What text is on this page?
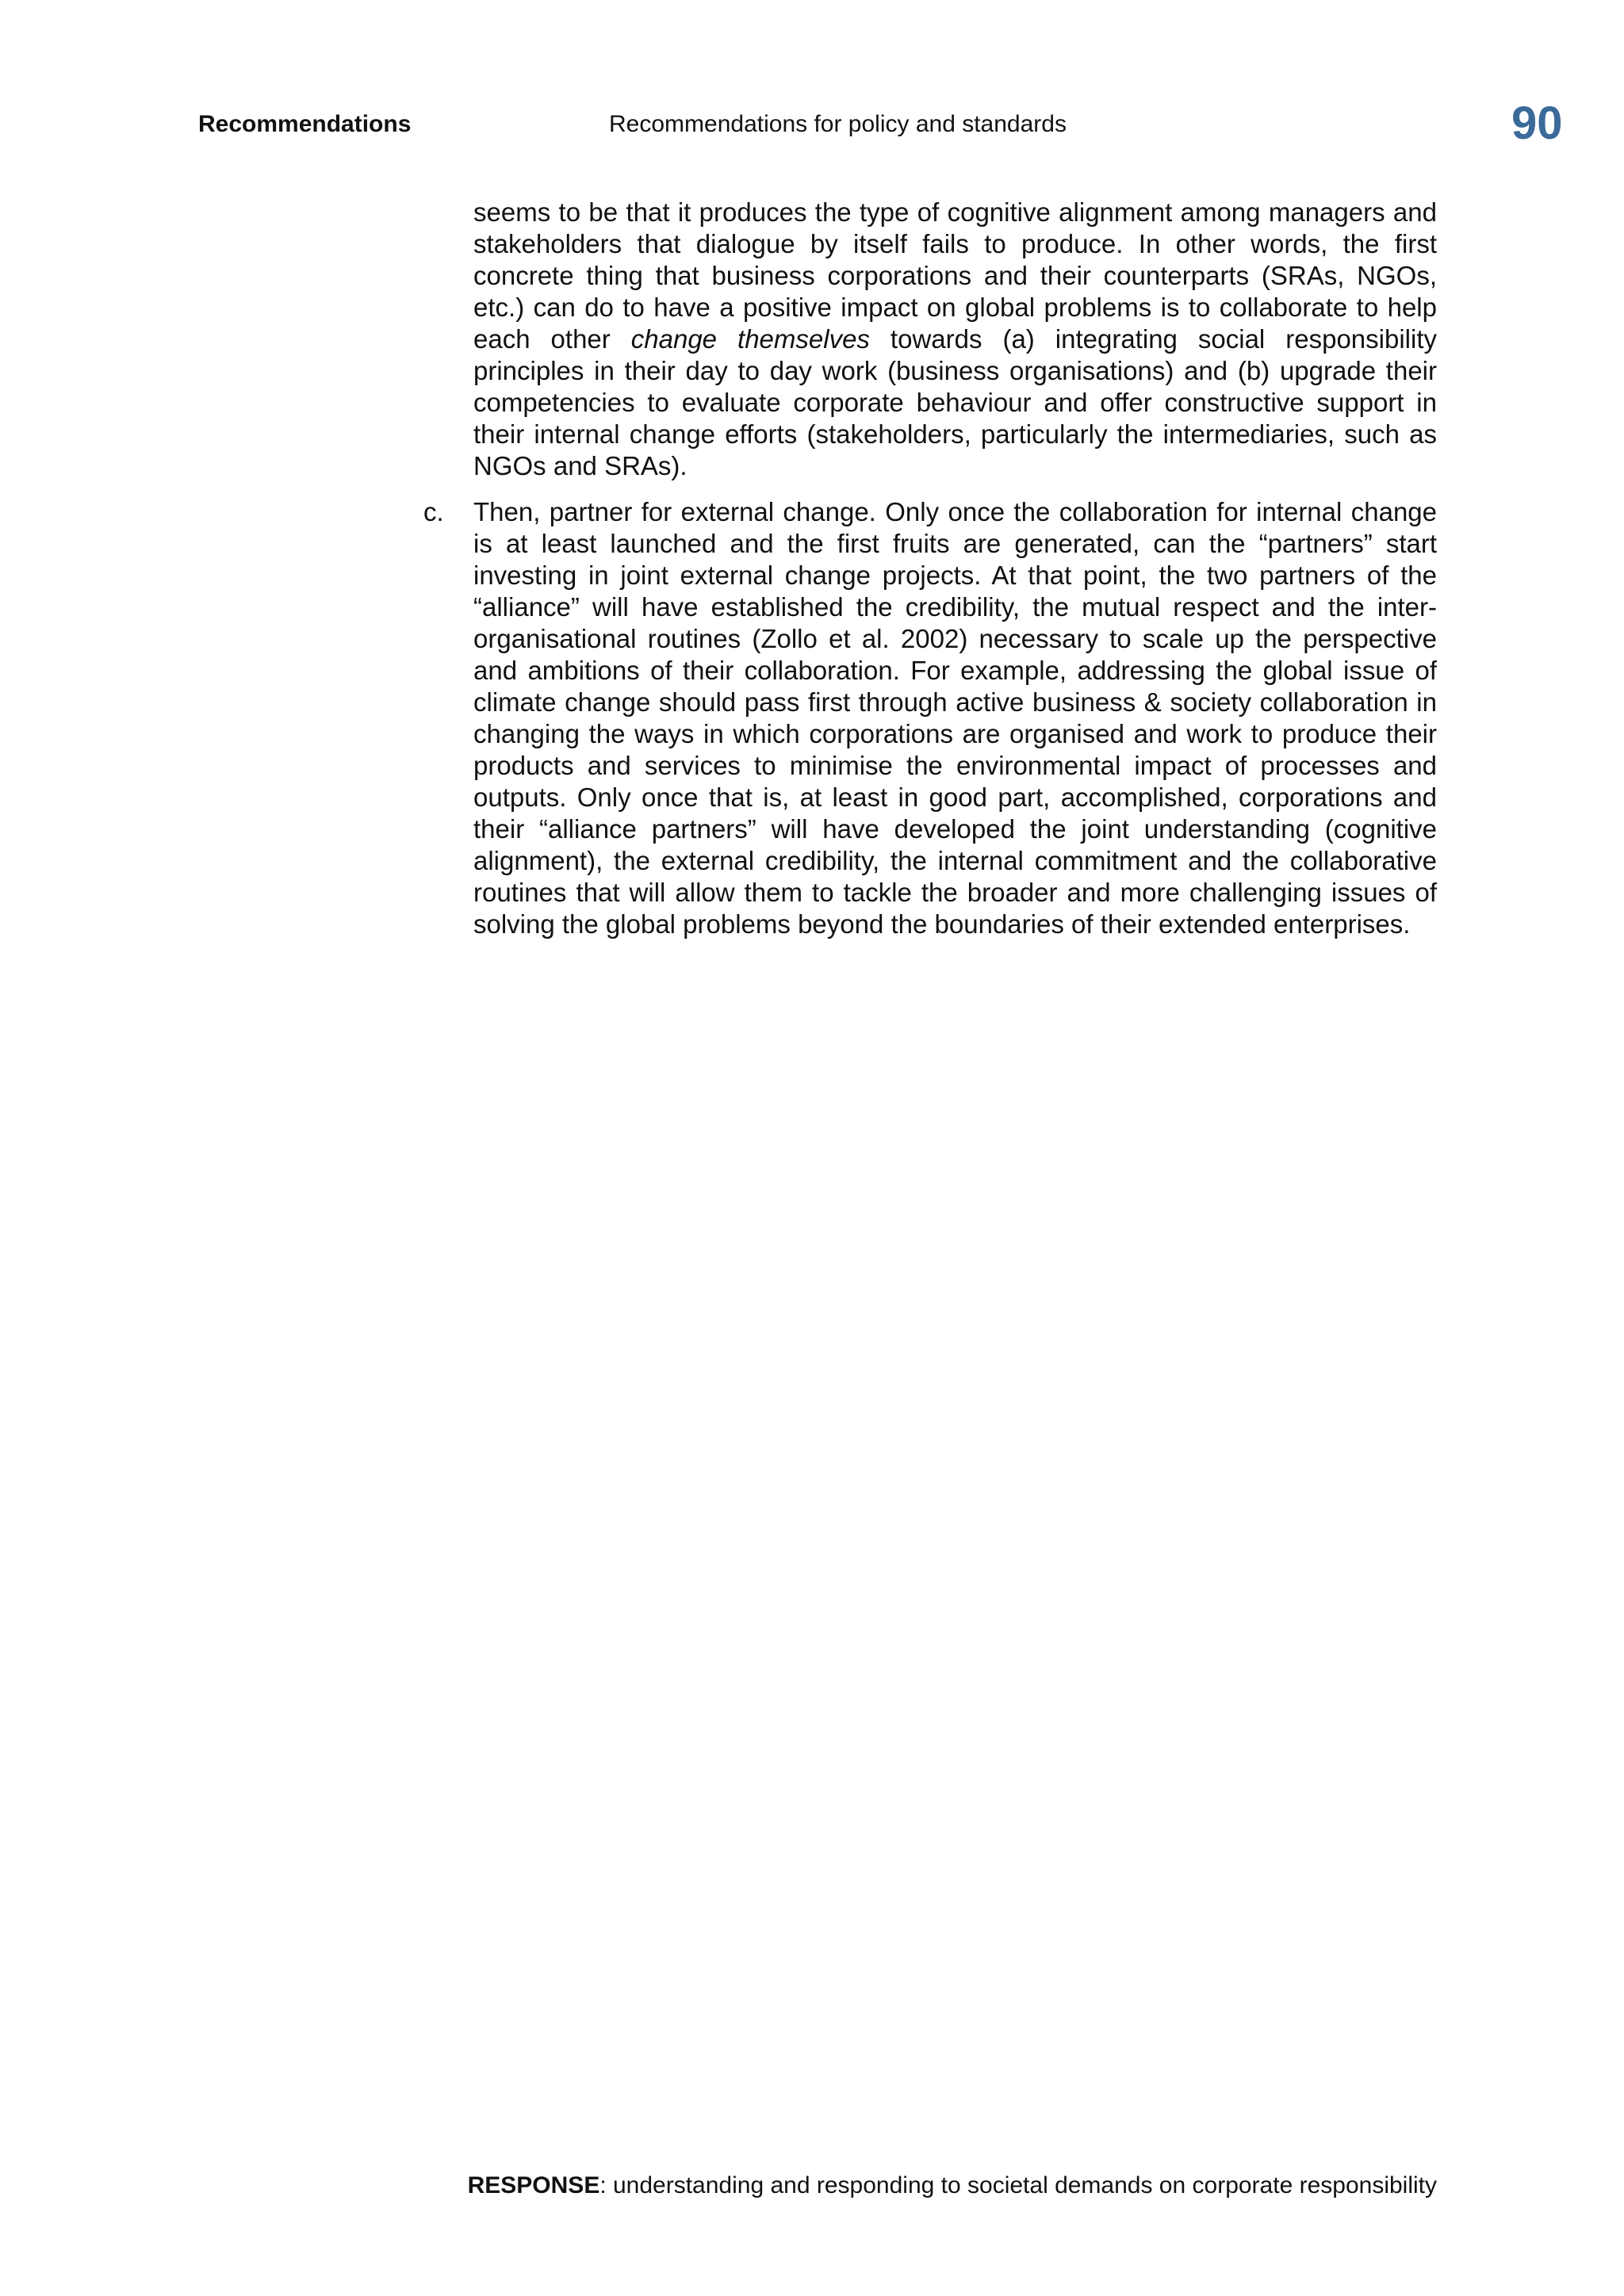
Recommendations	Recommendations for policy and standards	90

seems to be that it produces the type of cognitive alignment among managers and stakeholders that dialogue by itself fails to produce. In other words, the first concrete thing that business corporations and their counterparts (SRAs, NGOs, etc.) can do to have a positive impact on global problems is to collaborate to help each other change themselves towards (a) integrating social responsibility principles in their day to day work (business organisations) and (b) upgrade their competencies to evaluate corporate behaviour and offer constructive support in their internal change efforts (stakeholders, particularly the intermediaries, such as NGOs and SRAs).

c. Then, partner for external change. Only once the collaboration for internal change is at least launched and the first fruits are generated, can the “partners” start investing in joint external change projects. At that point, the two partners of the “alliance” will have established the credibility, the mutual respect and the inter-organisational routines (Zollo et al. 2002) necessary to scale up the perspective and ambitions of their collaboration. For example, addressing the global issue of climate change should pass first through active business & society collaboration in changing the ways in which corporations are organised and work to produce their products and services to minimise the environmental impact of processes and outputs. Only once that is, at least in good part, accomplished, corporations and their “alliance partners” will have developed the joint understanding (cognitive alignment), the external credibility, the internal commitment and the collaborative routines that will allow them to tackle the broader and more challenging issues of solving the global problems beyond the boundaries of their extended enterprises.

RESPONSE: understanding and responding to societal demands on corporate responsibility
